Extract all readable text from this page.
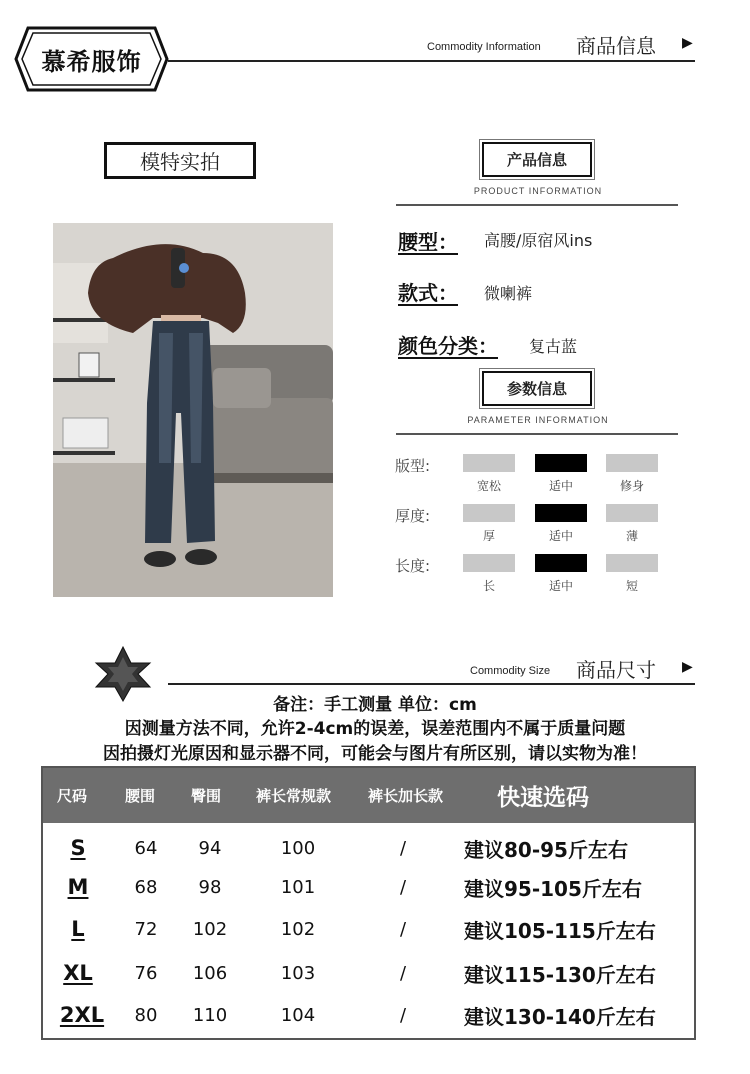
慕希服饰
Commodity Information 商品信息 ▶
模特实拍	产品信息
PRODUCT INFORMATION
腰型： 高腰/原宿风ins
款式： 微喇裤
颜色分类： 复古蓝
参数信息
PARAMETER INFORMATION
版型:
宽松	适中	修身
厚度:
厚	适中	薄
长度:
长	适中	短
Commodity Size 商品尺寸 ▶
备注：手工测量 单位：cm
因测量方法不同，允许2-4cm的误差，误差范围内不属于质量问题
因拍摄灯光原因和显示器不同，可能会与图片有所区别，请以实物为准！
尺码	腰围 臀围 裤长常规款 裤长加长款 快速选码
S	64	94	100	/	建议80-95斤左右
M	68	98	101	/	建议95-105斤左右
L	72	102	102	/	建议105-115斤左右
XL	76	106	103	/	建议115-130斤左右
2XL	80	110	104	/	建议130-140斤左右
